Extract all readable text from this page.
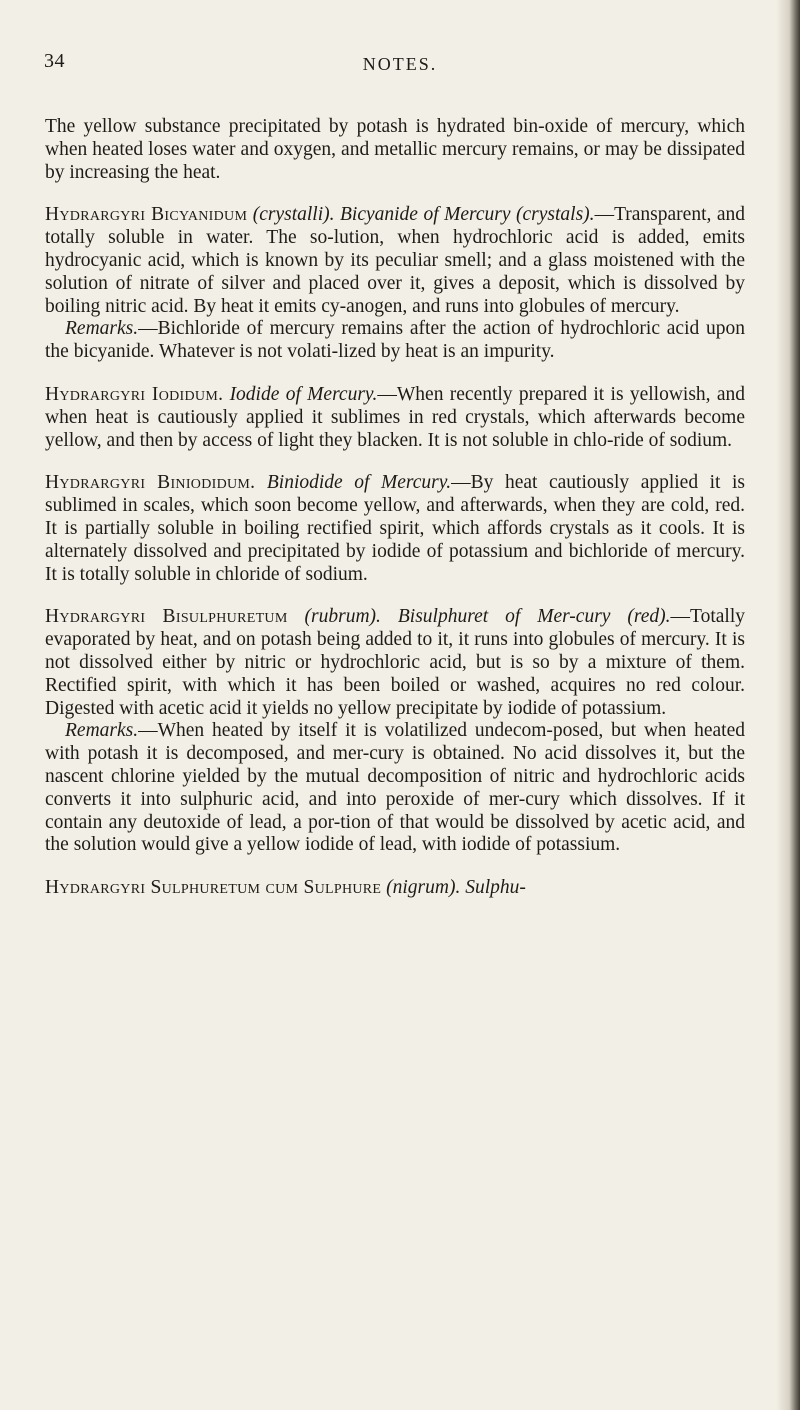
34	NOTES.

The yellow substance precipitated by potash is hydrated bin-oxide of mercury, which when heated loses water and oxygen, and metallic mercury remains, or may be dissipated by increasing the heat.

Hydrargyri Bicyanidum (crystalli). Bicyanide of Mercury (crystals).—Transparent, and totally soluble in water. The so-lution, when hydrochloric acid is added, emits hydrocyanic acid, which is known by its peculiar smell; and a glass moistened with the solution of nitrate of silver and placed over it, gives a deposit, which is dissolved by boiling nitric acid. By heat it emits cy-anogen, and runs into globules of mercury.

Remarks.—Bichloride of mercury remains after the action of hydrochloric acid upon the bicyanide. Whatever is not volati-lized by heat is an impurity.

Hydrargyri Iodidum. Iodide of Mercury.—When recently prepared it is yellowish, and when heat is cautiously applied it sublimes in red crystals, which afterwards become yellow, and then by access of light they blacken. It is not soluble in chlo-ride of sodium.

Hydrargyri Biniodidum. Biniodide of Mercury.—By heat cautiously applied it is sublimed in scales, which soon become yellow, and afterwards, when they are cold, red. It is partially soluble in boiling rectified spirit, which affords crystals as it cools. It is alternately dissolved and precipitated by iodide of potassium and bichloride of mercury. It is totally soluble in chloride of sodium.

Hydrargyri Bisulphuretum (rubrum). Bisulphuret of Mer-cury (red).—Totally evaporated by heat, and on potash being added to it, it runs into globules of mercury. It is not dissolved either by nitric or hydrochloric acid, but is so by a mixture of them. Rectified spirit, with which it has been boiled or washed, acquires no red colour. Digested with acetic acid it yields no yellow precipitate by iodide of potassium.

Remarks.—When heated by itself it is volatilized undecom-posed, but when heated with potash it is decomposed, and mer-cury is obtained. No acid dissolves it, but the nascent chlorine yielded by the mutual decomposition of nitric and hydrochloric acids converts it into sulphuric acid, and into peroxide of mer-cury which dissolves. If it contain any deutoxide of lead, a por-tion of that would be dissolved by acetic acid, and the solution would give a yellow iodide of lead, with iodide of potassium.

Hydrargyri Sulphuretum cum Sulphure (nigrum). Sulphu-
